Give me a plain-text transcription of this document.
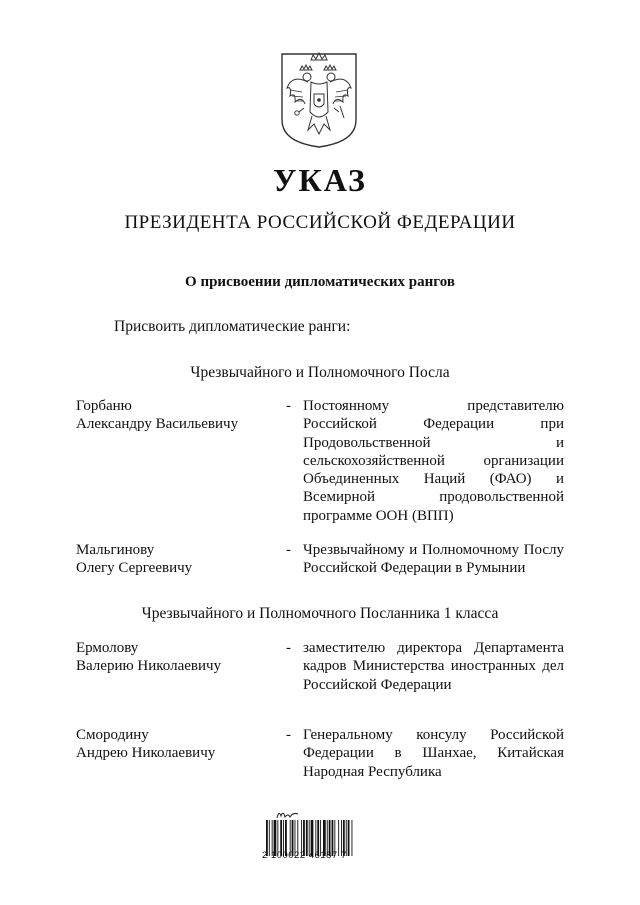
УКАЗ
ПРЕЗИДЕНТА РОССИЙСКОЙ ФЕДЕРАЦИИ
О присвоении дипломатических рангов
Присвоить дипломатические ранги:
Чрезвычайного и Полномочного Посла
Горбаню
Александру Васильевичу
- Постоянному представителю Российской Федерации при Продовольственной и сельскохозяйственной организации Объединенных Наций (ФАО) и Всемирной продовольственной программе ООН (ВПП)
Мальгинову
Олегу Сергеевичу
- Чрезвычайному и Полномочному Послу Российской Федерации в Румынии
Чрезвычайного и Полномочного Посланника 1 класса
Ермолову
Валерию Николаевичу
- заместителю директора Департамента кадров Министерства иностранных дел Российской Федерации
Смородину
Андрею Николаевичу
- Генеральному консулу Российской Федерации в Шанхае, Китайская Народная Республика
2 100022 46187 7
